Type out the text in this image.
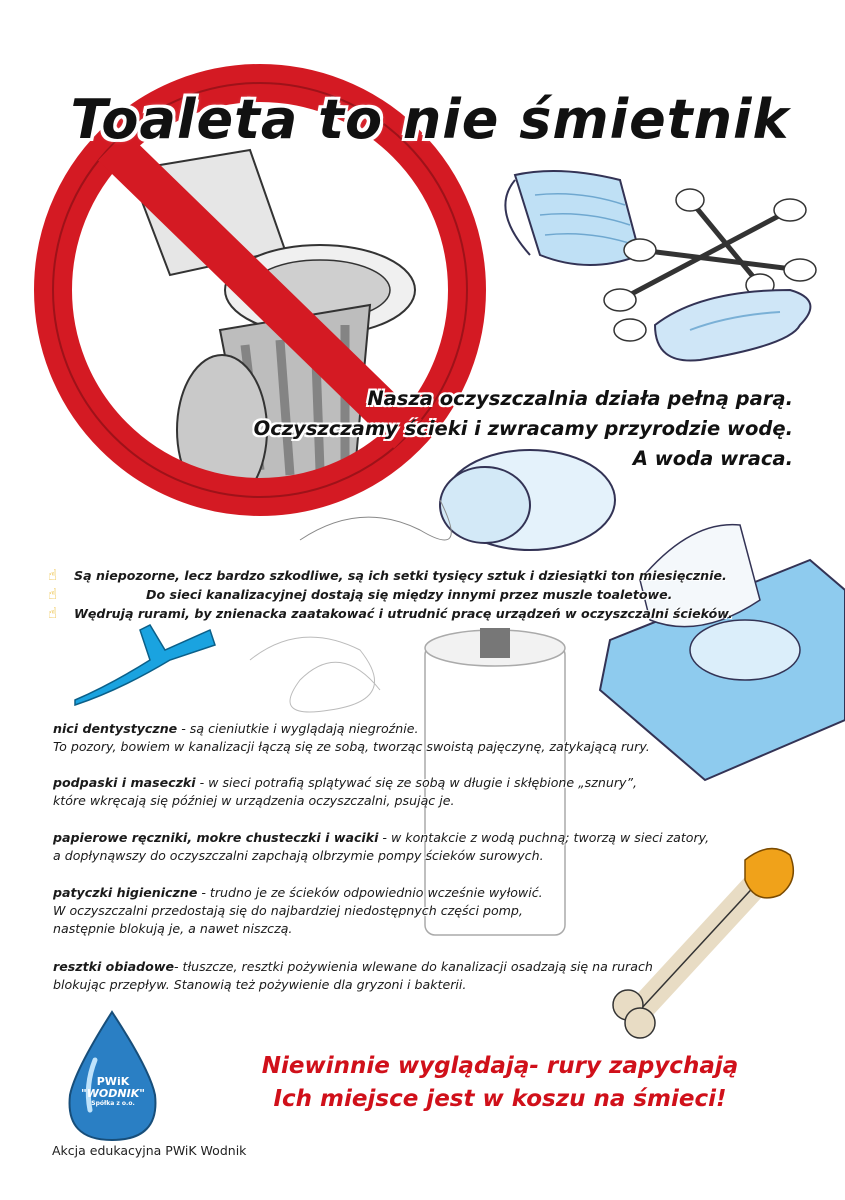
PWiK
"WODNIK"
Spółka z o.o.
Toaleta to nie śmietnik
Nasza oczyszczalnia działa pełną parą.
Oczyszczamy ścieki i zwracamy przyrodzie wodę.
A woda wraca.
☝ Są niepozorne, lecz bardzo szkodliwe, są ich setki tysięcy sztuk i dziesiątki ton miesięcznie.
☝	Do sieci kanalizacyjnej dostają się między innymi przez muszle toaletowe.
☝ Wędrują rurami, by znienacka zaatakować i utrudnić pracę urządzeń w oczyszczalni ścieków.
nici dentystyczne - są cieniutkie i wyglądają niegroźnie.
To pozory, bowiem w kanalizacji łączą się ze sobą, tworząc swoistą pajęczynę, zatykającą rury.
podpaski i maseczki - w sieci potrafią splątywać się ze sobą w długie i skłębione „sznury”,
które wkręcają się później w urządzenia oczyszczalni, psując je.
papierowe ręczniki, mokre chusteczki i waciki - w kontakcie z wodą puchną; tworzą w sieci zatory,
a dopłynąwszy do oczyszczalni zapchają olbrzymie pompy ścieków surowych.
patyczki higieniczne - trudno je ze ścieków odpowiednio wcześnie wyłowić.
W oczyszczalni przedostają się do najbardziej niedostępnych części pomp,
następnie blokują je, a nawet niszczą.
resztki obiadowe- tłuszcze, resztki pożywienia wlewane do kanalizacji osadzają się na rurach
blokując przepływ. Stanowią też pożywienie dla gryzoni i bakterii.
Niewinnie wyglądają- rury zapychają
Ich miejsce jest w koszu na śmieci!
Akcja edukacyjna PWiK Wodnik
